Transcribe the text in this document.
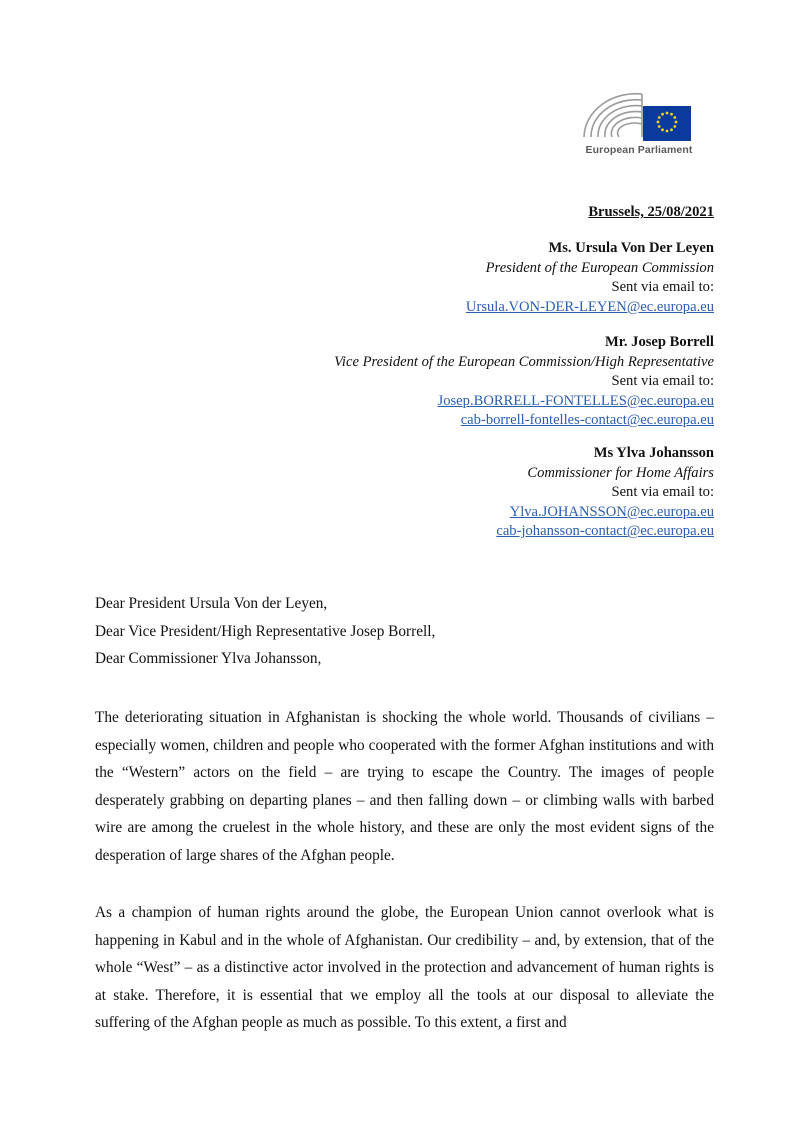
European Parliament
Brussels, 25/08/2021
Ms. Ursula Von Der Leyen
President of the European Commission
Sent via email to:
Ursula.VON-DER-LEYEN@ec.europa.eu
Mr. Josep Borrell
Vice President of the European Commission/High Representative
Sent via email to:
Josep.BORRELL-FONTELLES@ec.europa.eu
cab-borrell-fontelles-contact@ec.europa.eu
Ms Ylva Johansson
Commissioner for Home Affairs
Sent via email to:
Ylva.JOHANSSON@ec.europa.eu
cab-johansson-contact@ec.europa.eu
Dear President Ursula Von der Leyen,
Dear Vice President/High Representative Josep Borrell,
Dear Commissioner Ylva Johansson,
The deteriorating situation in Afghanistan is shocking the whole world. Thousands of civilians – especially women, children and people who cooperated with the former Afghan institutions and with the “Western” actors on the field – are trying to escape the Country. The images of people desperately grabbing on departing planes – and then falling down – or climbing walls with barbed wire are among the cruelest in the whole history, and these are only the most evident signs of the desperation of large shares of the Afghan people.
As a champion of human rights around the globe, the European Union cannot overlook what is happening in Kabul and in the whole of Afghanistan. Our credibility – and, by extension, that of the whole “West” – as a distinctive actor involved in the protection and advancement of human rights is at stake. Therefore, it is essential that we employ all the tools at our disposal to alleviate the suffering of the Afghan people as much as possible. To this extent, a first and
